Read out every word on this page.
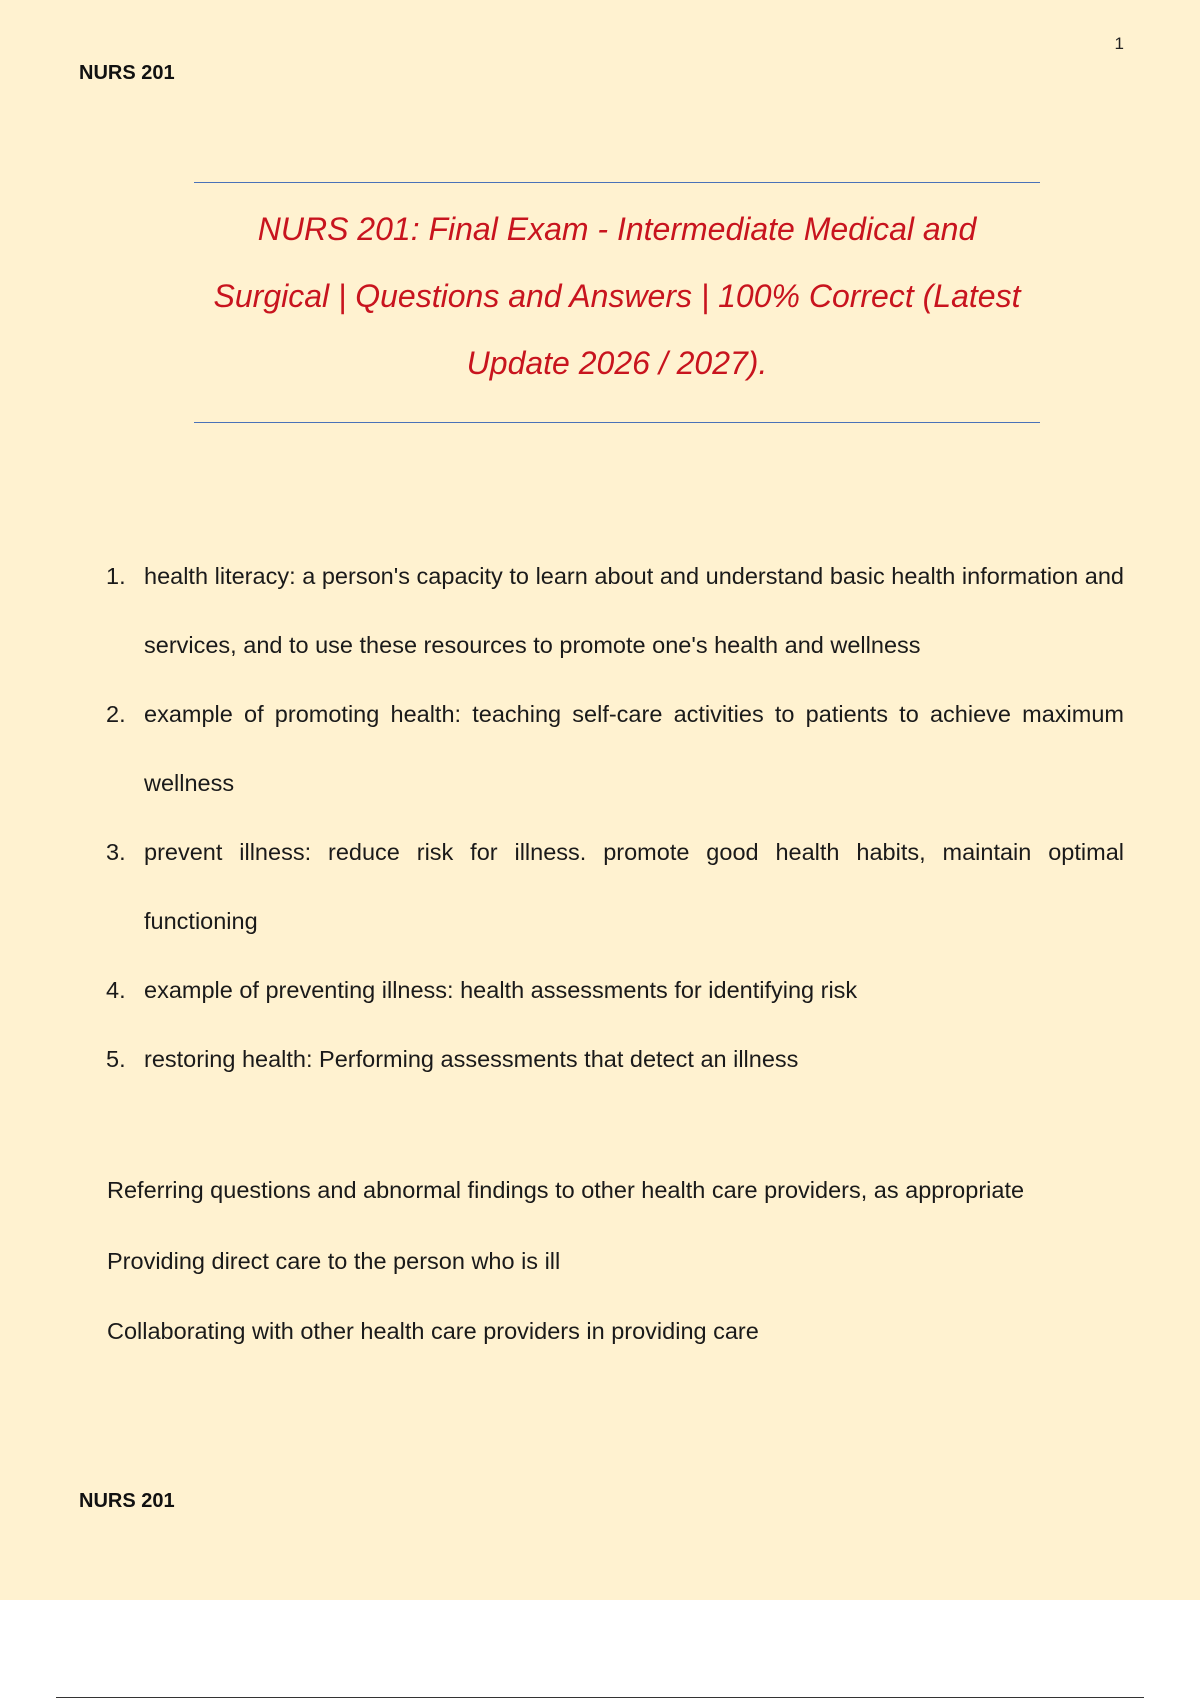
1
NURS 201
NURS 201: Final Exam - Intermediate Medical and
Surgical | Questions and Answers | 100% Correct (Latest
Update 2026 / 2027).
1. health literacy: a person's capacity to learn about and understand basic health information and services, and to use these resources to promote one's health and wellness
2. example of promoting health: teaching self-care activities to patients to achieve maximum wellness
3. prevent illness: reduce risk for illness. promote good health habits, maintain optimal functioning
4. example of preventing illness: health assessments for identifying risk
5. restoring health: Performing assessments that detect an illness
Referring questions and abnormal findings to other health care providers, as appropriate
Providing direct care to the person who is ill
Collaborating with other health care providers in providing care
NURS 201
